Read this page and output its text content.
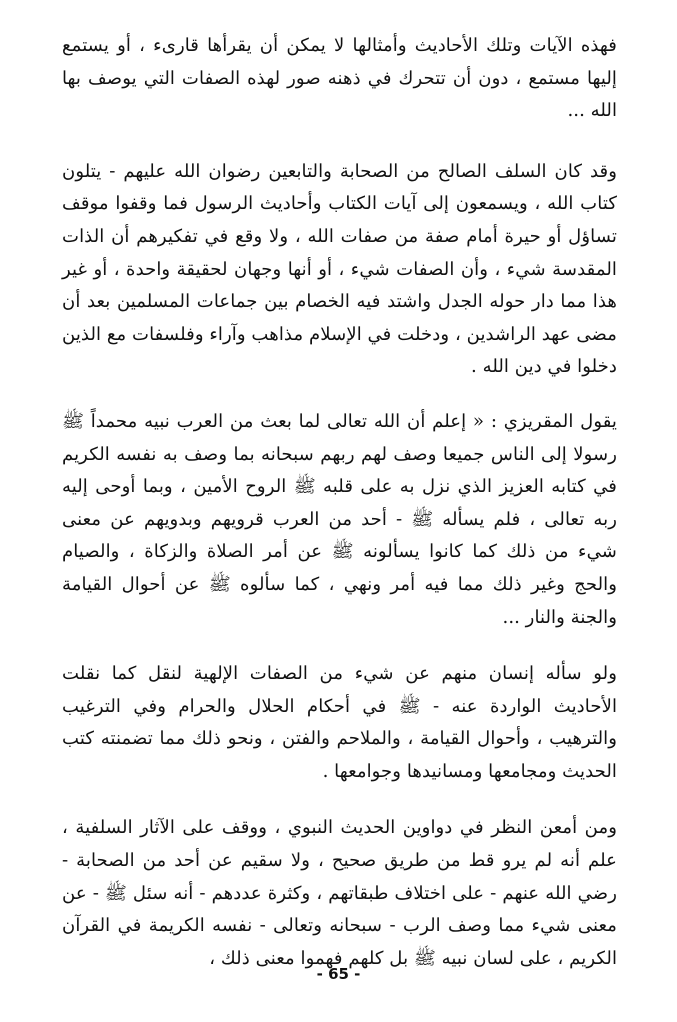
فهذه الآيات وتلك الأحاديث وأمثالها لا يمكن أن يقرأها قارىء ، أو يستمع إليها مستمع ، دون أن تتحرك في ذهنه صور لهذه الصفات التي يوصف بها الله ...

وقد كان السلف الصالح من الصحابة والتابعين رضوان الله عليهم - يتلون كتاب الله ، ويسمعون إلى آيات الكتاب وأحاديث الرسول فما وقفوا موقف تساؤل أو حيرة أمام صفة من صفات الله ، ولا وقع في تفكيرهم أن الذات المقدسة شيء ، وأن الصفات شيء ، أو أنها وجهان لحقيقة واحدة ، أو غير هذا مما دار حوله الجدل واشتد فيه الخصام بين جماعات المسلمين بعد أن مضى عهد الراشدين ، ودخلت في الإسلام مذاهب وآراء وفلسفات مع الذين دخلوا في دين الله .

يقول المقريزي : « إعلم أن الله تعالى لما بعث من العرب نبيه محمداً ﷺ رسولا إلى الناس جميعا وصف لهم ربهم سبحانه بما وصف به نفسه الكريم في كتابه العزيز الذي نزل به على قلبه ﷺ الروح الأمين ، وبما أوحى إليه ربه تعالى ، فلم يسأله ﷺ - أحد من العرب قرويهم وبدويهم عن معنى شيء من ذلك كما كانوا يسألونه ﷺ عن أمر الصلاة والزكاة ، والصيام والحج وغير ذلك مما فيه أمر ونهي ، كما سألوه ﷺ عن أحوال القيامة والجنة والنار ...

ولو سأله إنسان منهم عن شيء من الصفات الإلهية لنقل كما نقلت الأحاديث الواردة عنه - ﷺ في أحكام الحلال والحرام وفي الترغيب والترهيب ، وأحوال القيامة ، والملاحم والفتن ، ونحو ذلك مما تضمنته كتب الحديث ومجامعها ومسانيدها وجوامعها .

ومن أمعن النظر في دواوين الحديث النبوي ، ووقف على الآثار السلفية ، علم أنه لم يرو قط من طريق صحيح ، ولا سقيم عن أحد من الصحابة - رضي الله عنهم - على اختلاف طبقاتهم ، وكثرة عددهم - أنه سئل ﷺ - عن معنى شيء مما وصف الرب - سبحانه وتعالى - نفسه الكريمة في القرآن الكريم ، على لسان نبيه ﷺ بل كلهم فهموا معنى ذلك ،

- 65 -
